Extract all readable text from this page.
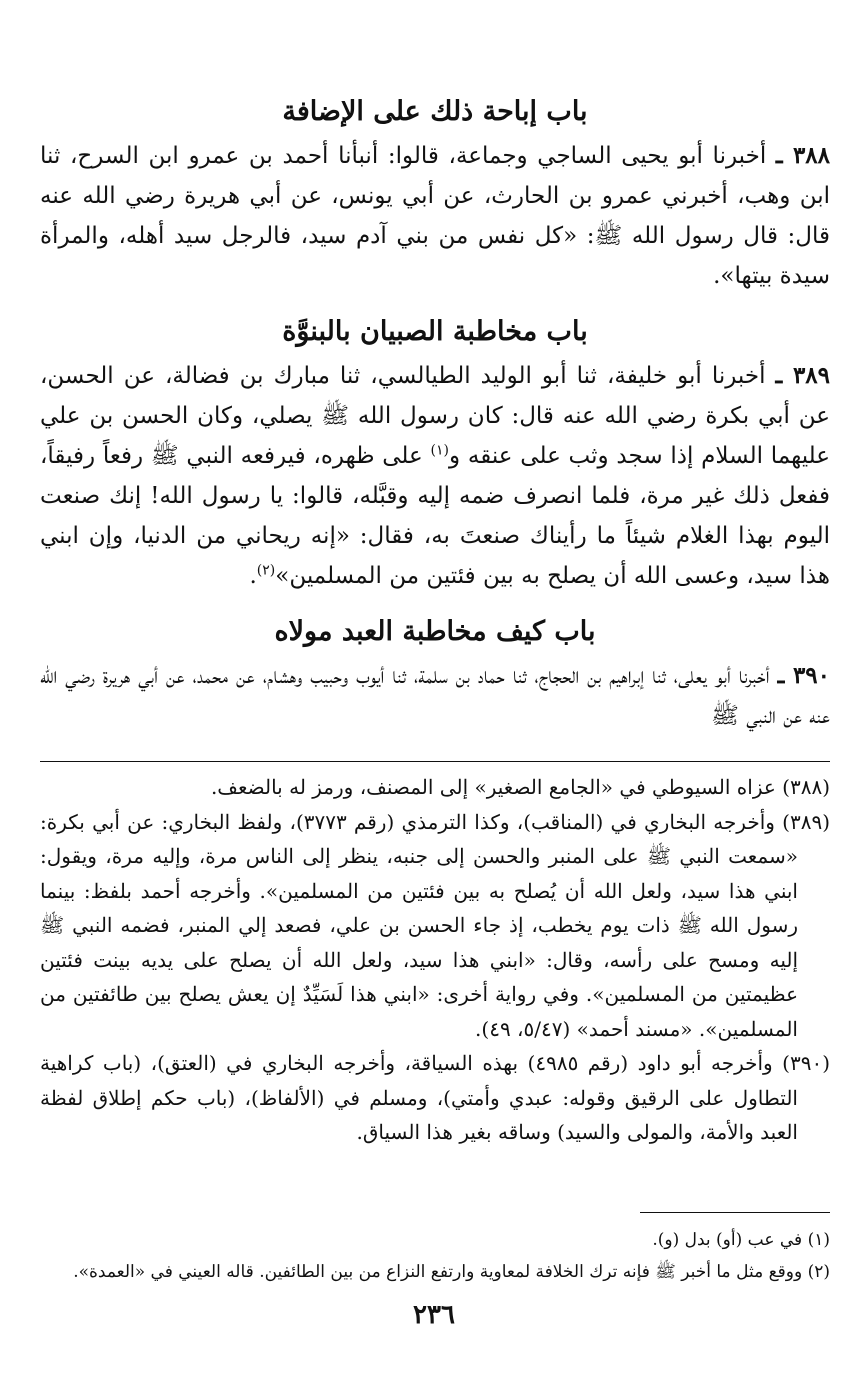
باب إباحة ذلك على الإضافة

٣٨٨ ـ أخبرنا أبو يحيى الساجي وجماعة، قالوا: أنبأنا أحمد بن عمرو ابن السرح، ثنا ابن وهب، أخبرني عمرو بن الحارث، عن أبي يونس، عن أبي هريرة رضي الله عنه قال: قال رسول الله ﷺ: «كل نفس من بني آدم سيد، فالرجل سيد أهله، والمرأة سيدة بيتها».

باب مخاطبة الصبيان بالبنوَّة

٣٨٩ ـ أخبرنا أبو خليفة، ثنا أبو الوليد الطيالسي، ثنا مبارك بن فضالة، عن الحسن، عن أبي بكرة رضي الله عنه قال: كان رسول الله ﷺ يصلي، وكان الحسن بن علي عليهما السلام إذا سجد وثب على عنقه و$^{(١)}$ على ظهره، فيرفعه النبي ﷺ رفعاً رفيقاً، ففعل ذلك غير مرة، فلما انصرف ضمه إليه وقبَّله، قالوا: يا رسول الله! إنك صنعت اليوم بهذا الغلام شيئاً ما رأيناك صنعتَ به، فقال: «إنه ريحاني من الدنيا، وإن ابني هذا سيد، وعسى الله أن يصلح به بين فئتين من المسلمين»$^{(٢)}$.

باب كيف مخاطبة العبد مولاه

٣٩٠ ـ أخبرنا أبو يعلى، ثنا إبراهيم بن الحجاج، ثنا حماد بن سلمة، ثنا أيوب وحبيب وهشام، عن محمد، عن أبي هريرة رضي الله عنه عن النبي ﷺ

(٣٨٨) عزاه السيوطي في «الجامع الصغير» إلى المصنف، ورمز له بالضعف.

(٣٨٩) وأخرجه البخاري في (المناقب)، وكذا الترمذي (رقم ٣٧٧٣)، ولفظ البخاري: عن أبي بكرة: «سمعت النبي ﷺ على المنبر والحسن إلى جنبه، ينظر إلى الناس مرة، وإليه مرة، ويقول: ابني هذا سيد، ولعل الله أن يُصلح به بين فئتين من المسلمين». وأخرجه أحمد بلفظ: بينما رسول الله ﷺ ذات يوم يخطب، إذ جاء الحسن بن علي، فصعد إلي المنبر، فضمه النبي ﷺ إليه ومسح على رأسه، وقال: «ابني هذا سيد، ولعل الله أن يصلح على يديه بينت فئتين عظيمتين من المسلمين». وفي رواية أخرى: «ابني هذا لَسَيِّدٌ إن يعش يصلح بين طائفتين من المسلمين». «مسند أحمد» (٥/٤٧، ٤٩).

(٣٩٠) وأخرجه أبو داود (رقم ٤٩٨٥) بهذه السياقة، وأخرجه البخاري في (العتق)، (باب كراهية التطاول على الرقيق وقوله: عبدي وأمتي)، ومسلم في (الألفاظ)، (باب حكم إطلاق لفظة العبد والأمة، والمولى والسيد) وساقه بغير هذا السياق.

(١) في عب (أو) بدل (و).

(٢) ووقع مثل ما أخبر ﷺ فإنه ترك الخلافة لمعاوية وارتفع النزاع من بين الطائفين. قاله العيني في «العمدة».

٢٣٦
